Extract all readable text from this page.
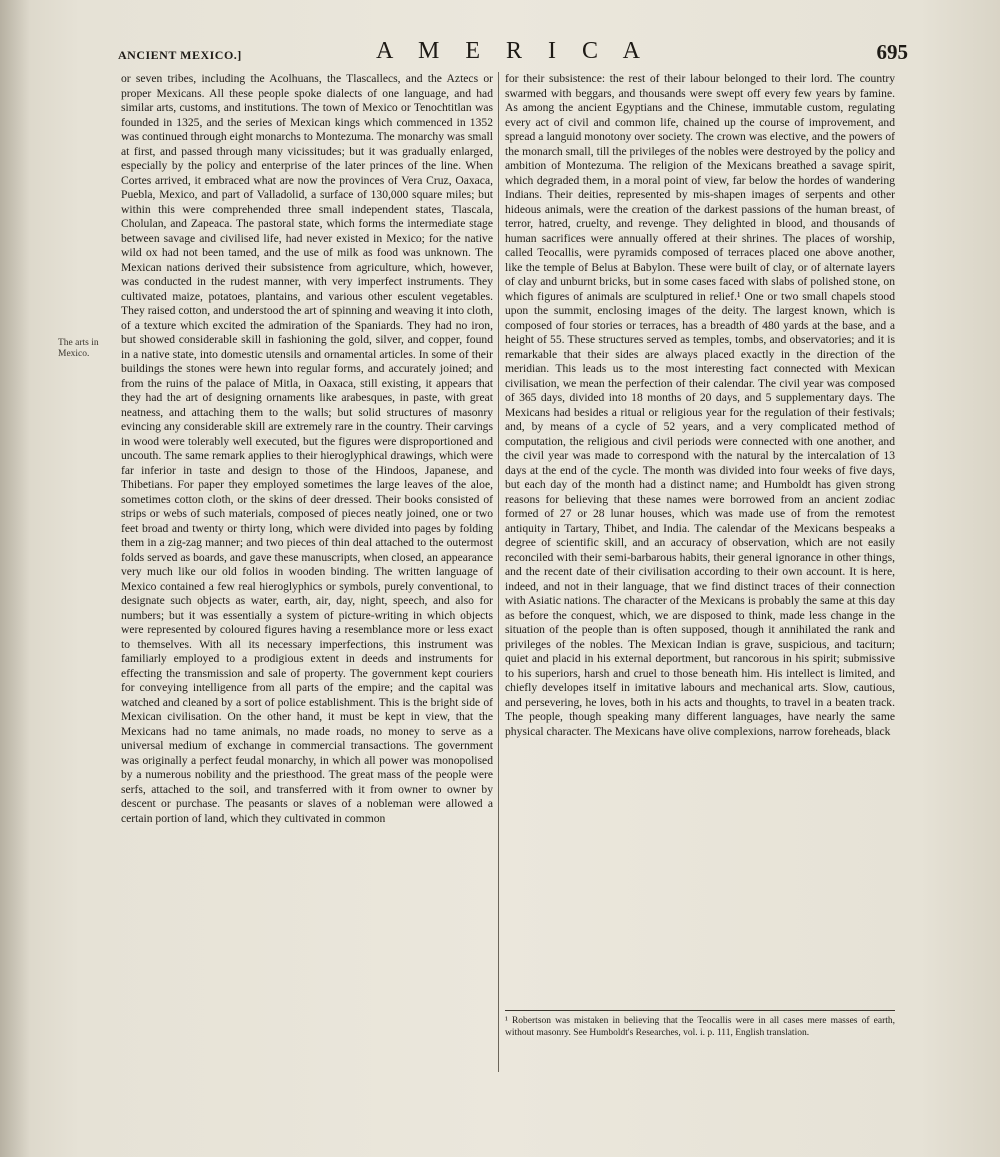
ANCIENT MEXICO.]	A M E R I C A	695
The arts in Mexico.

or seven tribes, including the Acolhuans, the Tlascallecs, and the Aztecs or proper Mexicans. All these people spoke dialects of one language, and had similar arts, customs, and institutions. The town of Mexico or Tenochtitlan was founded in 1325, and the series of Mexican kings which commenced in 1352 was continued through eight monarchs to Montezuma. The monarchy was small at first, and passed through many vicissitudes; but it was gradually enlarged, especially by the policy and enterprise of the later princes of the line. When Cortes arrived, it embraced what are now the provinces of Vera Cruz, Oaxaca, Puebla, Mexico, and part of Valladolid, a surface of 130,000 square miles; but within this were comprehended three small independent states, Tlascala, Cholulan, and Zapeaca. The pastoral state, which forms the intermediate stage between savage and civilised life, had never existed in Mexico; for the native wild ox had not been tamed, and the use of milk as food was unknown. The Mexican nations derived their subsistence from agriculture, which, however, was conducted in the rudest manner, with very imperfect instruments. They cultivated maize, potatoes, plantains, and various other esculent vegetables. They raised cotton, and understood the art of spinning and weaving it into cloth, of a texture which excited the admiration of the Spaniards. They had no iron, but showed considerable skill in fashioning the gold, silver, and copper, found in a native state, into domestic utensils and ornamental articles. In some of their buildings the stones were hewn into regular forms, and accurately joined; and from the ruins of the palace of Mitla, in Oaxaca, still existing, it appears that they had the art of designing ornaments like arabesques, in paste, with great neatness, and attaching them to the walls; but solid structures of masonry evincing any considerable skill are extremely rare in the country. Their carvings in wood were tolerably well executed, but the figures were disproportioned and uncouth. The same remark applies to their hieroglyphical drawings, which were far inferior in taste and design to those of the Hindoos, Japanese, and Thibetians. For paper they employed sometimes the large leaves of the aloe, sometimes cotton cloth, or the skins of deer dressed. Their books consisted of strips or webs of such materials, composed of pieces neatly joined, one or two feet broad and twenty or thirty long, which were divided into pages by folding them in a zig-zag manner; and two pieces of thin deal attached to the outermost folds served as boards, and gave these manuscripts, when closed, an appearance very much like our old folios in wooden binding. The written language of Mexico contained a few real hieroglyphics or symbols, purely conventional, to designate such objects as water, earth, air, day, night, speech, and also for numbers; but it was essentially a system of picture-writing in which objects were represented by coloured figures having a resemblance more or less exact to themselves. With all its necessary imperfections, this instrument was familiarly employed to a prodigious extent in deeds and instruments for effecting the transmission and sale of property. The government kept couriers for conveying intelligence from all parts of the empire; and the capital was watched and cleaned by a sort of police establishment. This is the bright side of Mexican civilisation. On the other hand, it must be kept in view, that the Mexicans had no tame animals, no made roads, no money to serve as a universal medium of exchange in commercial transactions. The government was originally a perfect feudal monarchy, in which all power was monopolised by a numerous nobility and the priesthood. The great mass of the people were serfs, attached to the soil, and transferred with it from owner to owner by descent or purchase. The peasants or slaves of a nobleman were allowed a certain portion of land, which they cultivated in common

for their subsistence: the rest of their labour belonged to their lord. The country swarmed with beggars, and thousands were swept off every few years by famine. As among the ancient Egyptians and the Chinese, immutable custom, regulating every act of civil and common life, chained up the course of improvement, and spread a languid monotony over society. The crown was elective, and the powers of the monarch small, till the privileges of the nobles were destroyed by the policy and ambition of Montezuma. The religion of the Mexicans breathed a savage spirit, which degraded them, in a moral point of view, far below the hordes of wandering Indians. Their deities, represented by mis-shapen images of serpents and other hideous animals, were the creation of the darkest passions of the human breast, of terror, hatred, cruelty, and revenge. They delighted in blood, and thousands of human sacrifices were annually offered at their shrines. The places of worship, called Teocallis, were pyramids composed of terraces placed one above another, like the temple of Belus at Babylon. These were built of clay, or of alternate layers of clay and unburnt bricks, but in some cases faced with slabs of polished stone, on which figures of animals are sculptured in relief.¹ One or two small chapels stood upon the summit, enclosing images of the deity. The largest known, which is composed of four stories or terraces, has a breadth of 480 yards at the base, and a height of 55. These structures served as temples, tombs, and observatories; and it is remarkable that their sides are always placed exactly in the direction of the meridian. This leads us to the most interesting fact connected with Mexican civilisation, we mean the perfection of their calendar. The civil year was composed of 365 days, divided into 18 months of 20 days, and 5 supplementary days. The Mexicans had besides a ritual or religious year for the regulation of their festivals; and, by means of a cycle of 52 years, and a very complicated method of computation, the religious and civil periods were connected with one another, and the civil year was made to correspond with the natural by the intercalation of 13 days at the end of the cycle. The month was divided into four weeks of five days, but each day of the month had a distinct name; and Humboldt has given strong reasons for believing that these names were borrowed from an ancient zodiac formed of 27 or 28 lunar houses, which was made use of from the remotest antiquity in Tartary, Thibet, and India. The calendar of the Mexicans bespeaks a degree of scientific skill, and an accuracy of observation, which are not easily reconciled with their semi-barbarous habits, their general ignorance in other things, and the recent date of their civilisation according to their own account. It is here, indeed, and not in their language, that we find distinct traces of their connection with Asiatic nations. The character of the Mexicans is probably the same at this day as before the conquest, which, we are disposed to think, made less change in the situation of the people than is often supposed, though it annihilated the rank and privileges of the nobles. The Mexican Indian is grave, suspicious, and taciturn; quiet and placid in his external deportment, but rancorous in his spirit; submissive to his superiors, harsh and cruel to those beneath him. His intellect is limited, and chiefly developes itself in imitative labours and mechanical arts. Slow, cautious, and persevering, he loves, both in his acts and thoughts, to travel in a beaten track. The people, though speaking many different languages, have nearly the same physical character. The Mexicans have olive complexions, narrow foreheads, black

¹ Robertson was mistaken in believing that the Teocallis were in all cases mere masses of earth, without masonry. See Humboldt's Researches, vol. i. p. 111, English translation.
